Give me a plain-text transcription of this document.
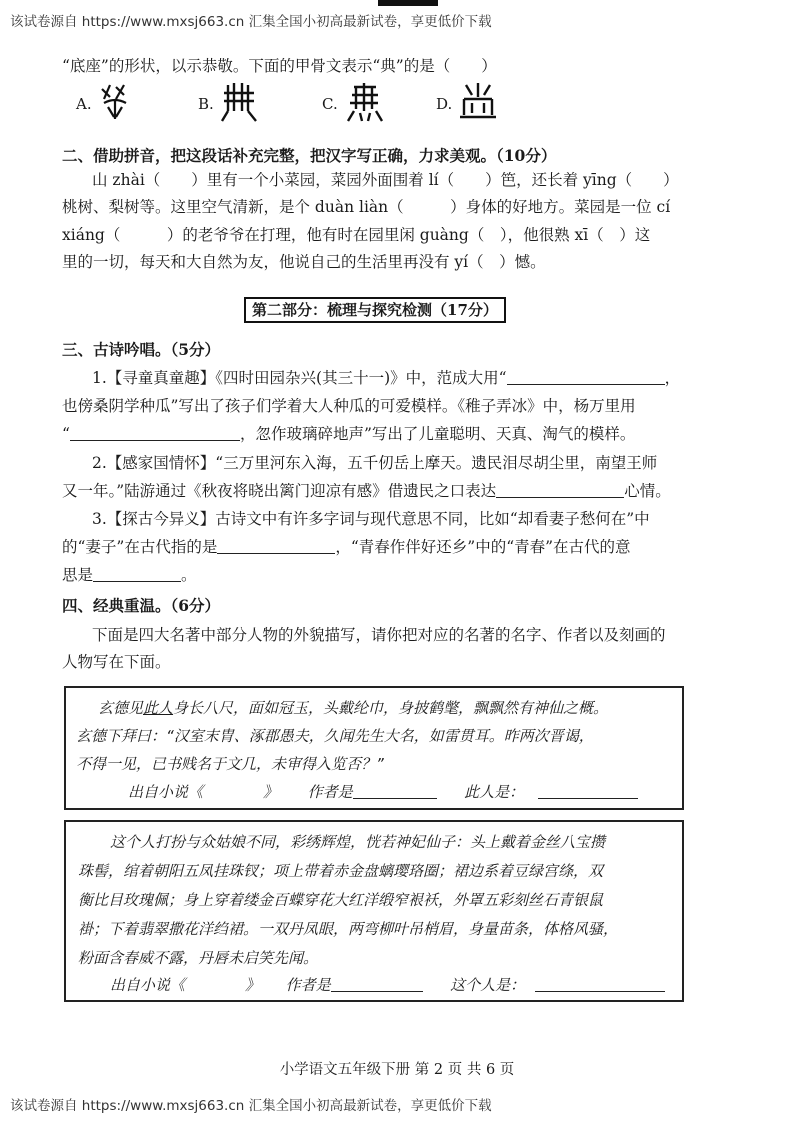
该试卷源自 https://www.mxsj663.cn 汇集全国小初高最新试卷，享更低价下载
“底座”的形状，以示恭敬。下面的甲骨文表示“典”的是（　　）
A.	B.	C.	D.
二、借助拼音，把这段话补充完整，把汉字写正确，力求美观。（10分）
山 zhài（　　）里有一个小菜园，菜园外面围着 lí（　　）笆，还长着 yīng（　　）
桃树、梨树等。这里空气清新，是个 duàn liàn（　　　）身体的好地方。菜园是一位 cí
xiáng（　　　）的老爷爷在打理，他有时在园里闲 guàng（　），他很熟 xī（　）这
里的一切，每天和大自然为友，他说自己的生活里再没有 yí（　）憾。
第二部分：梳理与探究检测（17分）
三、古诗吟唱。（5分）
1.【寻童真童趣】《四时田园杂兴(其三十一)》中，范成大用“	，
也傍桑阴学种瓜”写出了孩子们学着大人种瓜的可爱模样。《稚子弄冰》中，杨万里用
“	，忽作玻璃碎地声”写出了儿童聪明、天真、淘气的模样。
2.【感家国情怀】“三万里河东入海，五千仞岳上摩天。遗民泪尽胡尘里，南望王师
又一年。”陆游通过《秋夜将晓出篱门迎凉有感》借遗民之口表达	心情。
3.【探古今异义】古诗文中有许多字词与现代意思不同，比如“却看妻子愁何在”中
的“妻子”在古代指的是	，“青春作伴好还乡”中的“青春”在古代的意
思是	。
四、经典重温。（6分）
下面是四大名著中部分人物的外貌描写，请你把对应的名著的名字、作者以及刻画的
人物写在下面。
玄德见此人身长八尺，面如冠玉，头戴纶巾，身披鹤氅，飘飘然有神仙之概。
玄德下拜曰：“汉室末胄、涿郡愚夫，久闻先生大名，如雷贯耳。昨两次晋谒，
不得一见，已书贱名于文几，未审得入览否？”
出自小说《　　　　》 作者是	此人是：
这个人打扮与众姑娘不同，彩绣辉煌，恍若神妃仙子：头上戴着金丝八宝攒
珠髻，绾着朝阳五凤挂珠钗；项上带着赤金盘螭璎珞圈；裙边系着豆绿宫绦，双
衡比目玫瑰佩；身上穿着缕金百蝶穿花大红洋缎窄裉袄，外罩五彩刻丝石青银鼠
褂；下着翡翠撒花洋绉裙。一双丹凤眼，两弯柳叶吊梢眉，身量苗条，体格风骚，
粉面含春威不露，丹唇未启笑先闻。
出自小说《　　　　》 作者是	这个人是：
小学语文五年级下册 第 2 页 共 6 页
该试卷源自 https://www.mxsj663.cn 汇集全国小初高最新试卷，享更低价下载
